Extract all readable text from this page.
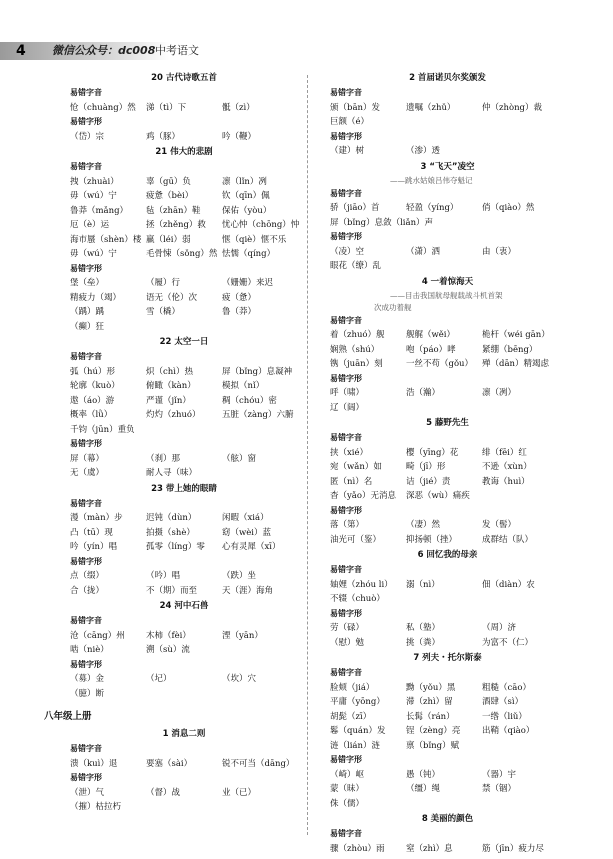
4 微信公众号：dc008 中考语文
20 古代诗歌五首
易错字音
怆（chuàng）然	涕（tì）下	骶（zì）
易错字形
（岱）宗	鸡（豚）	吟（鞭）
21 伟大的悲剧
易错字音
拽（zhuài）	辜（gū）负	凛（lǐn）冽
毋（wú）宁	疲惫（bèi）	钦（qīn）佩
鲁莽（mǎng）	毡（zhān）鞋	保佑（yòu）
厄（è）运	拯（zhěng）救	忧心忡（chōng）忡
海市蜃（shèn）楼 羸（léi）弱	惬（qiè）惬不乐
毋（wú）宁	毛骨悚（sǒng）然 怯懦（qíng）
易错字形
堡（垒）	（履）行	（姗姗）来迟
精疲力（竭）	语无（伦）次	疲（惫）
（踽）踽	雪（橇）	鲁（莽）
（癫）狂
22 太空一日
易错字音
弧（hú）形	炽（chì）热	屏（bǐng）息凝神
轮廓（kuò）	俯瞰（kàn）	模拟（nǐ）
遨（áo）游	严谨（jǐn）	稠（chóu）密
概率（lǜ）	灼灼（zhuó）	五脏（zàng）六腑
千钧（jūn）重负
易错字形
屏（幕）	（刹）那	（舷）窗
无（虞）	耐人寻（味）
23 带上她的眼睛
易错字音
漫（màn）步	迟钝（dùn）	闲暇（xiá）
凸（tū）现	拍摄（shè）	窈（wèi）蓝
吟（yín）唱	孤零（líng）零	心有灵犀（xī）
易错字形
点（缀）	（吟）唱	（跌）坐
合（拢）	不（期）而至	天（涯）海角
24 河中石兽
易错字音
沧（cāng）州	木柿（fèi）	湮（yān）
啮（niè）	溯（sù）流
易错字形
（募）金	（圮）	（坎）穴
（臆）断
八年级上册
1 消息二则
易错字音
溃（kuì）退	要塞（sài）	锐不可当（dāng）
易错字形
（泄）气	（督）战	业（已）
（摧）枯拉朽
2 首届诺贝尔奖颁发
易错字音
颁（bān）发	遗嘱（zhǔ）	仲（zhòng）裁
巨额（é）
易错字形
（建）树	（渗）透
3 “飞天”凌空
——跳水姑娘吕伟夺魁记
易错字音
骄（jiāo）首	轻盈（yíng）	俏（qiào）然
屏（bǐng）息敛（liǎn）声
易错字形
（凌）空	（潇）洒	由（衷）
眼花（缭）乱
4 一着惊海天
——目击我国航母舰载战斗机首架
次成功着舰
易错字音
着（zhuó）舰	舰艉（wěi）	桅杆（wéi gān）
娴熟（shú）	咆（páo）哮	紧绷（bēng）
镌（juān）刻	一丝不苟（gǒu）	殚（dān）精竭虑
易错字形
呼（啸）	浩（瀚）	凛（冽）
辽（阔）
5 藤野先生
易错字音
挟（xié）	樱（yīng）花	绯（fēi）红
宛（wǎn）如	畸（jī）形	不逊（xùn）
匿（nì）名	诘（jié）责	教诲（huì）
杳（yǎo）无消息	深恶（wù）痛疾
易错字形
落（第）	（凄）然	发（髻）
油光可（鉴）	抑扬顿（挫）	成群结（队）
6 回忆我的母亲
易错字音
妯娌（zhóu li）	溺（nì）	佃（diàn）农
不辍（chuò）
易错字形
劳（碌）	私（塾）	（周）济
（慰）勉	挑（粪）	为富不（仁）
7 列夫・托尔斯泰
易错字音
脸颊（jiá）	黝（yǒu）黑	粗糙（cāo）
平庸（yōng）	滞（zhì）留	酒肆（sì）
胡髭（zī）	长髯（rán）	一绺（liǔ）
鬈（quán）发	锃（zèng）亮	出鞘（qiào）
涟（lián）涟	禀（bǐng）赋
易错字形
（崎）岖	愚（钝）	（器）宇
蒙（昧）	（缰）绳	禁（锢）
侏（儒）
8 美丽的颜色
易错字音
骤（zhòu）雨	窒（zhì）息	筋（jīn）疲力尽
